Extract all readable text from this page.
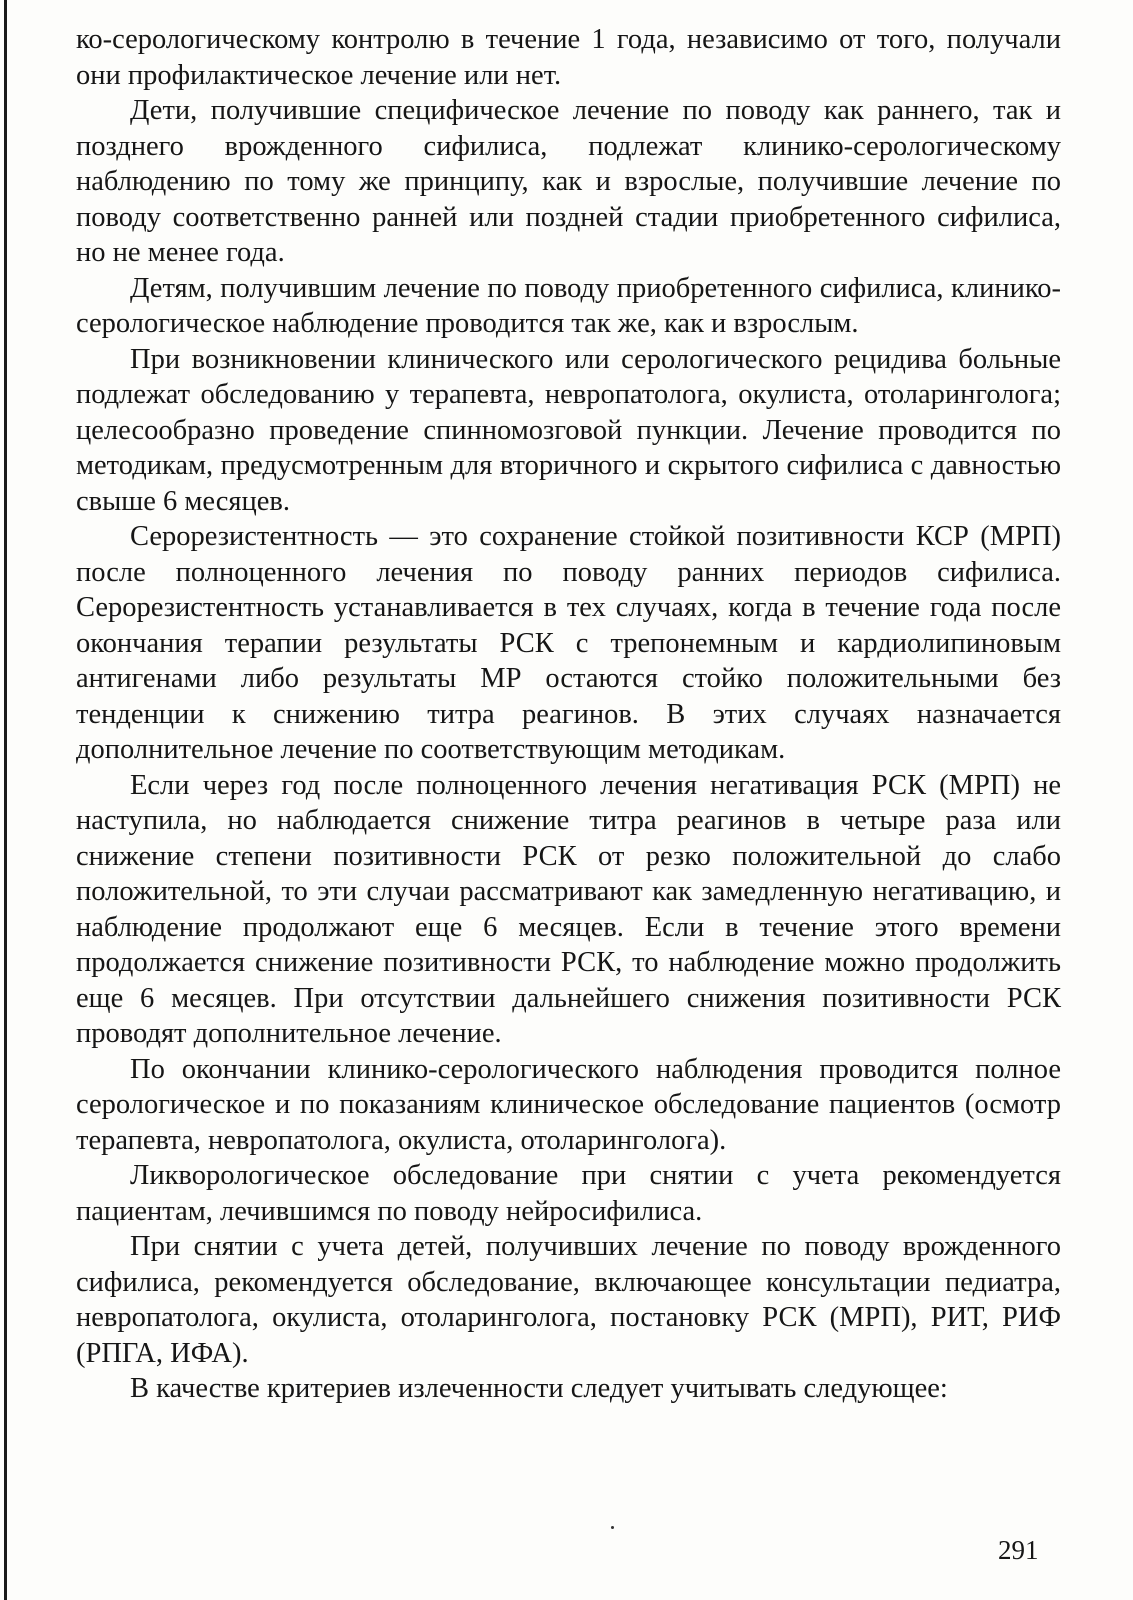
ко-серологическому контролю в течение 1 года, независимо от того, получали они профилактическое лечение или нет.

Дети, получившие специфическое лечение по поводу как раннего, так и позднего врожденного сифилиса, подлежат клинико-серологическому наблюдению по тому же принципу, как и взрослые, получившие лечение по поводу соответственно ранней или поздней стадии приобретенного сифилиса, но не менее года.

Детям, получившим лечение по поводу приобретенного сифилиса, клинико-серологическое наблюдение проводится так же, как и взрослым.

При возникновении клинического или серологического рецидива больные подлежат обследованию у терапевта, невропатолога, окулиста, отоларинголога; целесообразно проведение спинномозговой пункции. Лечение проводится по методикам, предусмотренным для вторичного и скрытого сифилиса с давностью свыше 6 месяцев.

Серорезистентность — это сохранение стойкой позитивности КСР (МРП) после полноценного лечения по поводу ранних периодов сифилиса. Серорезистентность устанавливается в тех случаях, когда в течение года после окончания терапии результаты РСК с трепонемным и кардиолипиновым антигенами либо результаты МР остаются стойко положительными без тенденции к снижению титра реагинов. В этих случаях назначается дополнительное лечение по соответствующим методикам.

Если через год после полноценного лечения негативация РСК (МРП) не наступила, но наблюдается снижение титра реагинов в четыре раза или снижение степени позитивности РСК от резко положительной до слабо положительной, то эти случаи рассматривают как замедленную негативацию, и наблюдение продолжают еще 6 месяцев. Если в течение этого времени продолжается снижение позитивности РСК, то наблюдение можно продолжить еще 6 месяцев. При отсутствии дальнейшего снижения позитивности РСК проводят дополнительное лечение.

По окончании клинико-серологического наблюдения проводится полное серологическое и по показаниям клиническое обследование пациентов (осмотр терапевта, невропатолога, окулиста, отоларинголога).

Ликворологическое обследование при снятии с учета рекомендуется пациентам, лечившимся по поводу нейросифилиса.

При снятии с учета детей, получивших лечение по поводу врожденного сифилиса, рекомендуется обследование, включающее консультации педиатра, невропатолога, окулиста, отоларинголога, постановку РСК (МРП), РИТ, РИФ (РПГА, ИФА).

В качестве критериев излеченности следует учитывать следующее:

291
